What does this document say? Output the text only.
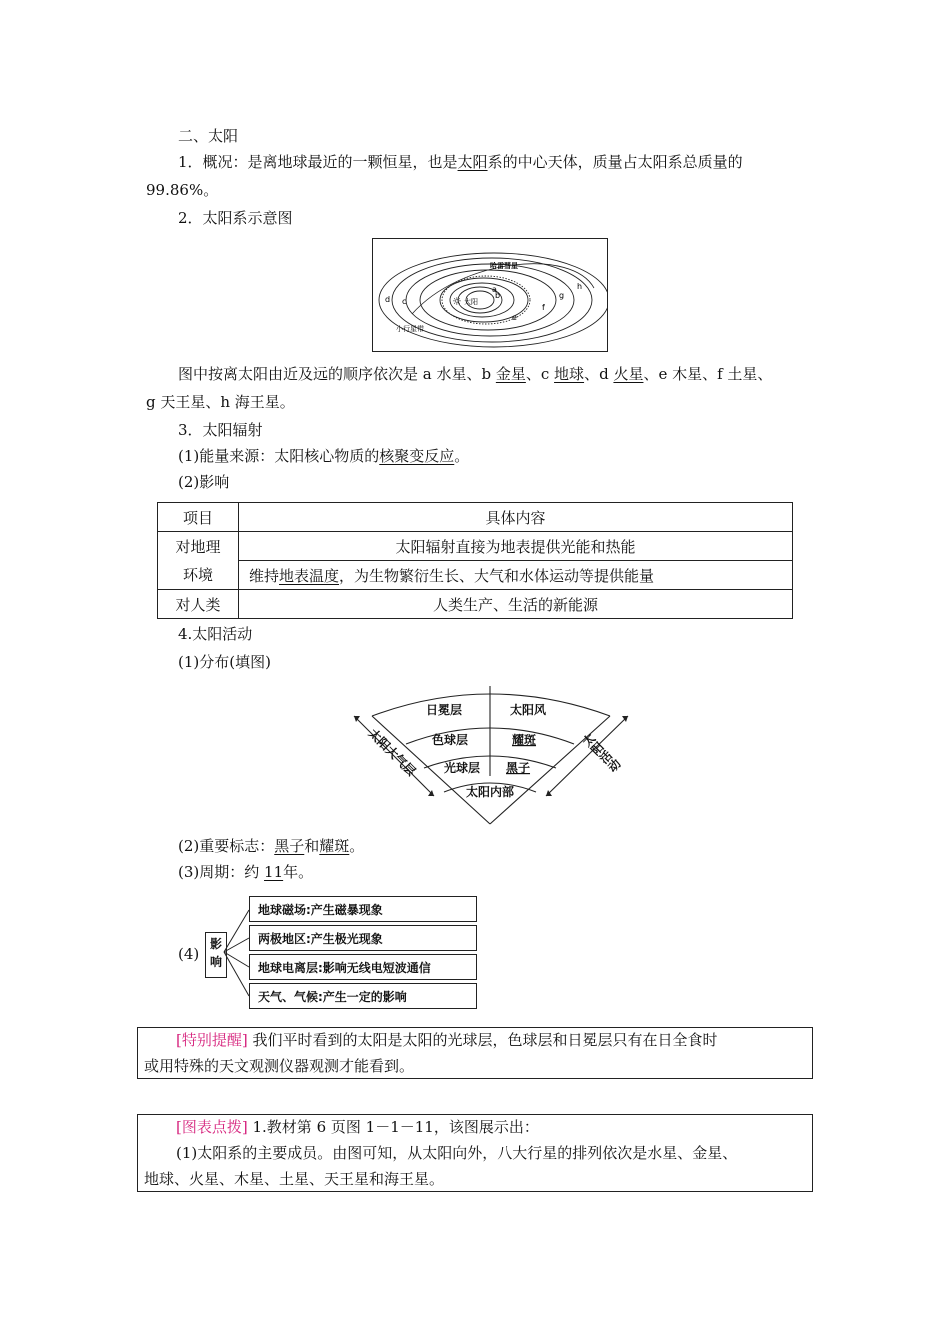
二、太阳
1．概况：是离地球最近的一颗恒星，也是太阳系的中心天体，质量占太阳系总质量的
99.86%。
2．太阳系示意图
☼ 太阳
哈雷彗星
小行星带
a
b
c
d
e
f
g
h
图中按离太阳由近及远的顺序依次是 a 水星、b 金星、c 地球、d 火星、e 木星、f 土星、
g 天王星、h 海王星。
3．太阳辐射
(1)能量来源：太阳核心物质的核聚变反应。
(2)影响
项目	具体内容
对地理环境	太阳辐射直接为地表提供光能和热能
	维持地表温度，为生物繁衍生长、大气和水体运动等提供能量
对人类	人类生产、生活的新能源
4.太阳活动
(1)分布(填图)
日冕层
色球层
光球层
太阳内部
太阳风
耀斑
黑子
太阳大气层	太阳活动
(2)重要标志：黑子和耀斑。
(3)周期：约 11年。
(4)
影响
地球磁场:产生磁暴现象
两极地区:产生极光现象
地球电离层:影响无线电短波通信
天气、气候:产生一定的影响
[特别提醒] 我们平时看到的太阳是太阳的光球层，色球层和日冕层只有在日全食时
或用特殊的天文观测仪器观测才能看到。
[图表点拨] 1.教材第 6 页图 1－1－11，该图展示出：
(1)太阳系的主要成员。由图可知，从太阳向外，八大行星的排列依次是水星、金星、
地球、火星、木星、土星、天王星和海王星。
